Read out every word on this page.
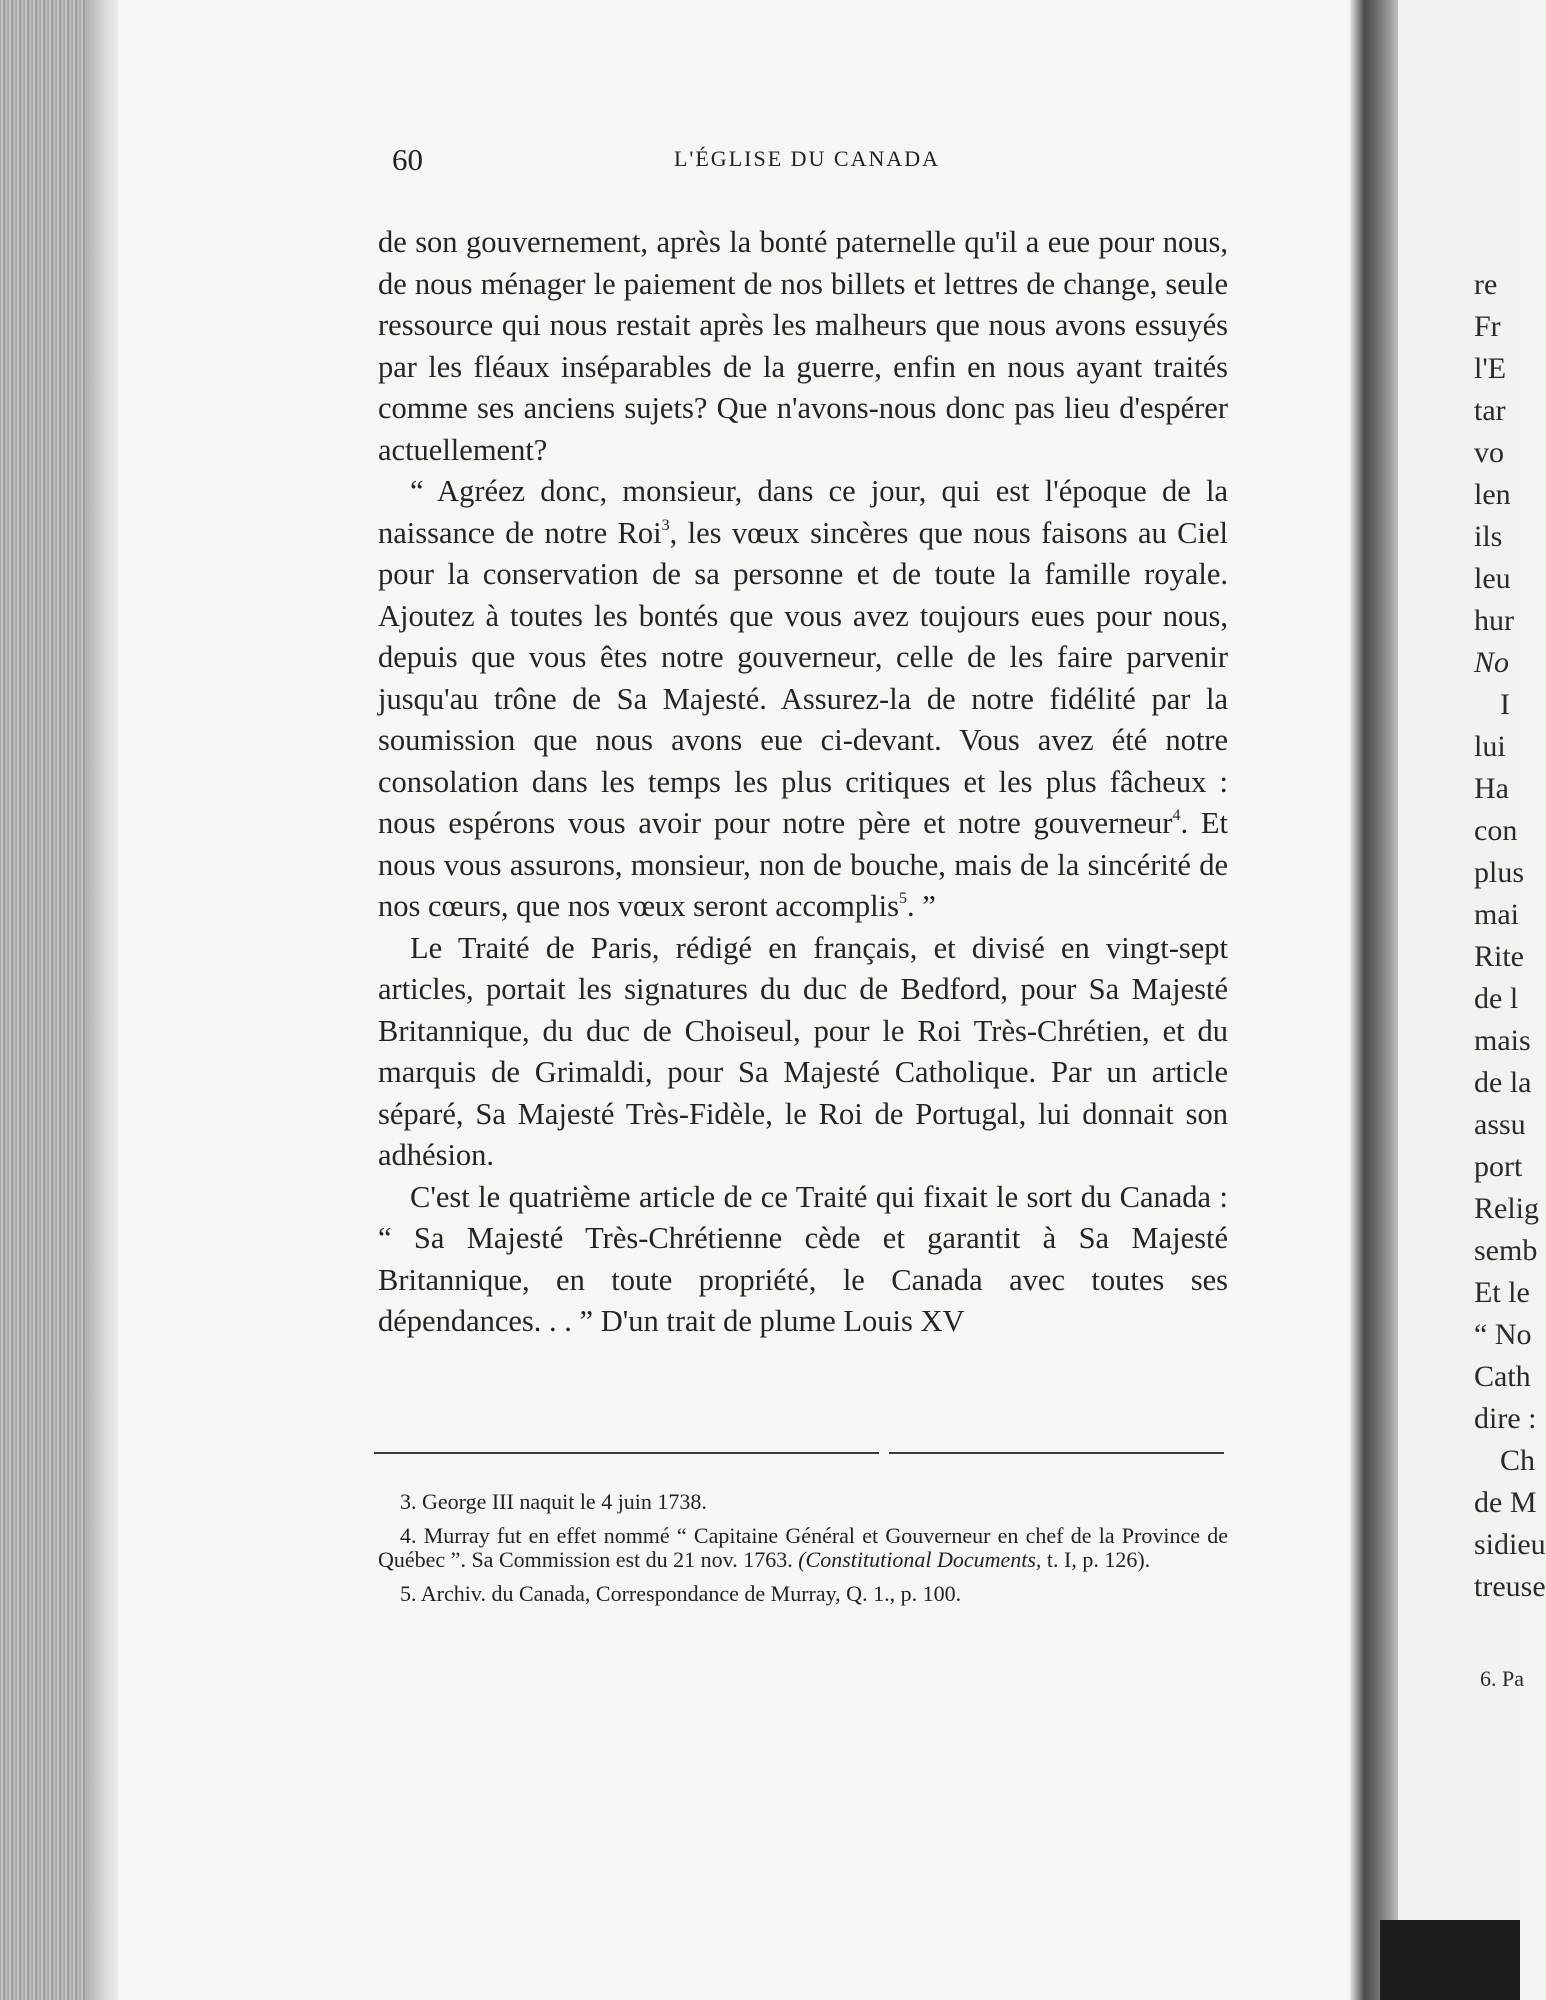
60	L'ÉGLISE DU CANADA

de son gouvernement, après la bonté paternelle qu'il a eue pour nous, de nous ménager le paiement de nos billets et lettres de change, seule ressource qui nous restait après les malheurs que nous avons essuyés par les fléaux inséparables de la guerre, enfin en nous ayant traités comme ses anciens sujets? Que n'avons-nous donc pas lieu d'espérer actuellement?

“ Agréez donc, monsieur, dans ce jour, qui est l'époque de la naissance de notre Roi$^3$, les vœux sincères que nous faisons au Ciel pour la conservation de sa personne et de toute la famille royale. Ajoutez à toutes les bontés que vous avez toujours eues pour nous, depuis que vous êtes notre gouverneur, celle de les faire parvenir jusqu'au trône de Sa Majesté. Assurez-la de notre fidélité par la soumission que nous avons eue ci-devant. Vous avez été notre consolation dans les temps les plus critiques et les plus fâcheux : nous espérons vous avoir pour notre père et notre gouverneur$^4$. Et nous vous assurons, monsieur, non de bouche, mais de la sincérité de nos cœurs, que nos vœux seront accomplis$^5$. ”

Le Traité de Paris, rédigé en français, et divisé en vingt-sept articles, portait les signatures du duc de Bedford, pour Sa Majesté Britannique, du duc de Choiseul, pour le Roi Très-Chrétien, et du marquis de Grimaldi, pour Sa Majesté Catholique. Par un article séparé, Sa Majesté Très-Fidèle, le Roi de Portugal, lui donnait son adhésion.

C'est le quatrième article de ce Traité qui fixait le sort du Canada : “ Sa Majesté Très-Chrétienne cède et garantit à Sa Majesté Britannique, en toute propriété, le Canada avec toutes ses dépendances. . . ” D'un trait de plume Louis XV

3. George III naquit le 4 juin 1738.

4. Murray fut en effet nommé “ Capitaine Général et Gouverneur en chef de la Province de Québec ”. Sa Commission est du 21 nov. 1763. (Constitutional Documents, t. I, p. 126).

5. Archiv. du Canada, Correspondance de Murray, Q. 1., p. 100.

re
Fr
l'E
tar
vo
len
ils
leu
hur
No
I
lui
Ha
con
plus
mai
Rite
de l
mais
de la
assu
port
Relig
semb
Et le
“ No
Cath
dire :
Ch
de M
sidieu
treuse
6. Pa
